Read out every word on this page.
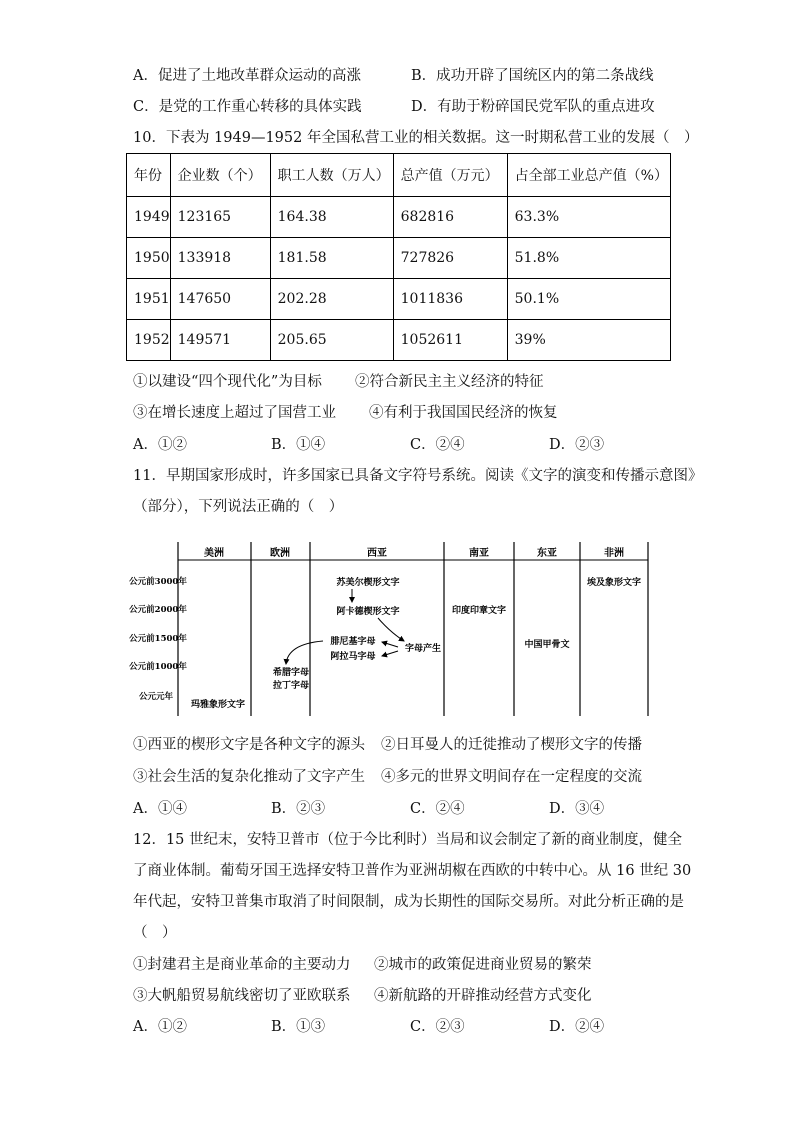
A．促进了土地改革群众运动的高涨	B．成功开辟了国统区内的第二条战线
C．是党的工作重心转移的具体实践	D．有助于粉碎国民党军队的重点进攻
10．下表为 1949—1952 年全国私营工业的相关数据。这一时期私营工业的发展（　）
年份	企业数（个）	职工人数（万人）	总产值（万元）	占全部工业总产值（%）
1949	123165	164.38	682816	63.3%
1950	133918	181.58	727826	51.8%
1951	147650	202.28	1011836	50.1%
1952	149571	205.65	1052611	39%
①以建设“四个现代化”为目标 ②符合新民主主义经济的特征
③在增长速度上超过了国营工业 ④有利于我国国民经济的恢复
A．①②	B．①④	C．②④	D．②③
11．早期国家形成时，许多国家已具备文字符号系统。阅读《文字的演变和传播示意图》
（部分），下列说法正确的（　）
美洲	欧洲	西亚	南亚	东亚	非洲
公元前3000年
公元前2000年
公元前1500年
公元前1000年
公元元年
苏美尔楔形文字
阿卡德楔形文字
字母产生
腓尼基字母
阿拉马字母
希腊字母
拉丁字母
玛雅象形文字
印度印章文字
中国甲骨文
埃及象形文字
①西亚的楔形文字是各种文字的源头 ②日耳曼人的迁徙推动了楔形文字的传播
③社会生活的复杂化推动了文字产生 ④多元的世界文明间存在一定程度的交流
A．①④	B．②③	C．②④	D．③④
12．15 世纪末，安特卫普市（位于今比利时）当局和议会制定了新的商业制度，健全
了商业体制。葡萄牙国王选择安特卫普作为亚洲胡椒在西欧的中转中心。从 16 世纪 30
年代起，安特卫普集市取消了时间限制，成为长期性的国际交易所。对此分析正确的是
（　）
①封建君主是商业革命的主要动力 ②城市的政策促进商业贸易的繁荣
③大帆船贸易航线密切了亚欧联系 ④新航路的开辟推动经营方式变化
A．①②	B．①③	C．②③	D．②④
